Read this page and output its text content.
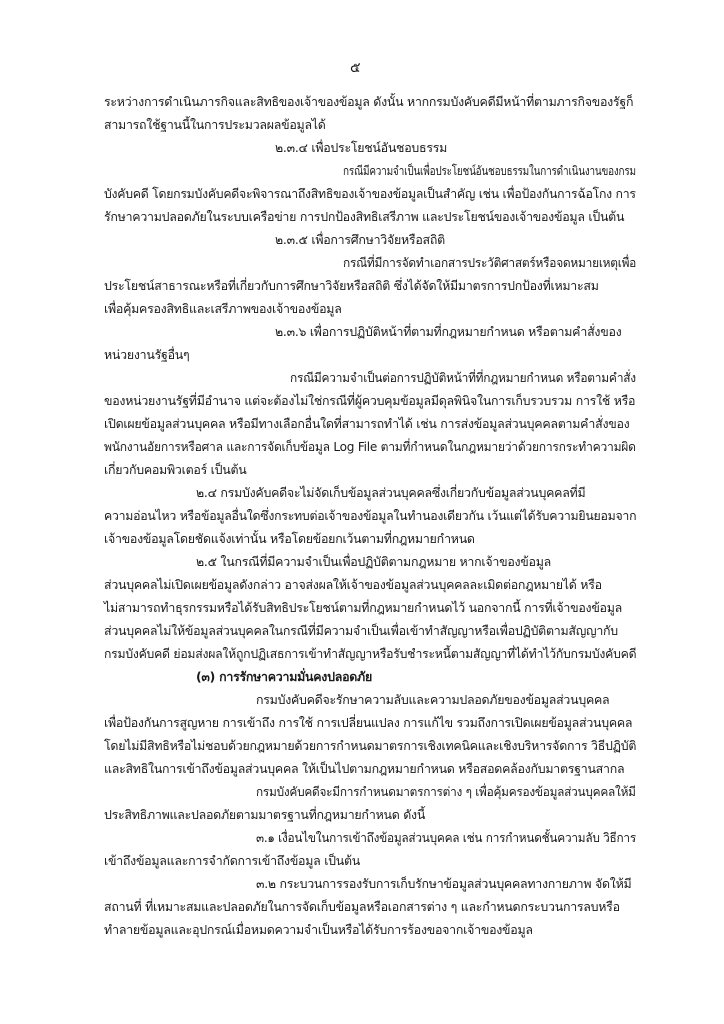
๕
ระหว่างการดำเนินภารกิจและสิทธิของเจ้าของข้อมูล ดังนั้น หากกรมบังคับคดีมีหน้าที่ตามภารกิจของรัฐก็
สามารถใช้ฐานนี้ในการประมวลผลข้อมูลได้
๒.๓.๔ เพื่อประโยชน์อันชอบธรรม
กรณีมีความจำเป็นเพื่อประโยชน์อันชอบธรรมในการดำเนินงานของกรม
บังคับคดี โดยกรมบังคับคดีจะพิจารณาถึงสิทธิของเจ้าของข้อมูลเป็นสำคัญ เช่น เพื่อป้องกันการฉ้อโกง การ
รักษาความปลอดภัยในระบบเครือข่าย การปกป้องสิทธิเสรีภาพ และประโยชน์ของเจ้าของข้อมูล เป็นต้น
๒.๓.๕ เพื่อการศึกษาวิจัยหรือสถิติ
กรณีที่มีการจัดทำเอกสารประวัติศาสตร์หรือจดหมายเหตุเพื่อ
ประโยชน์สาธารณะหรือที่เกี่ยวกับการศึกษาวิจัยหรือสถิติ ซึ่งได้จัดให้มีมาตรการปกป้องที่เหมาะสม
เพื่อคุ้มครองสิทธิและเสรีภาพของเจ้าของข้อมูล
๒.๓.๖ เพื่อการปฏิบัติหน้าที่ตามที่กฎหมายกำหนด หรือตามคำสั่งของ
หน่วยงานรัฐอื่นๆ
กรณีมีความจำเป็นต่อการปฏิบัติหน้าที่ที่กฎหมายกำหนด หรือตามคำสั่ง
ของหน่วยงานรัฐที่มีอำนาจ แต่จะต้องไม่ใช่กรณีที่ผู้ควบคุมข้อมูลมีดุลพินิจในการเก็บรวบรวม การใช้ หรือ
เปิดเผยข้อมูลส่วนบุคคล หรือมีทางเลือกอื่นใดที่สามารถทำได้ เช่น การส่งข้อมูลส่วนบุคคลตามคำสั่งของ
พนักงานอัยการหรือศาล และการจัดเก็บข้อมูล Log File ตามที่กำหนดในกฎหมายว่าด้วยการกระทำความผิด
เกี่ยวกับคอมพิวเตอร์ เป็นต้น
๒.๔ กรมบังคับคดีจะไม่จัดเก็บข้อมูลส่วนบุคคลซึ่งเกี่ยวกับข้อมูลส่วนบุคคลที่มี
ความอ่อนไหว หรือข้อมูลอื่นใดซึ่งกระทบต่อเจ้าของข้อมูลในทำนองเดียวกัน เว้นแต่ได้รับความยินยอมจาก
เจ้าของข้อมูลโดยชัดแจ้งเท่านั้น หรือโดยข้อยกเว้นตามที่กฎหมายกำหนด
๒.๕ ในกรณีที่มีความจำเป็นเพื่อปฏิบัติตามกฎหมาย หากเจ้าของข้อมูล
ส่วนบุคคลไม่เปิดเผยข้อมูลดังกล่าว อาจส่งผลให้เจ้าของข้อมูลส่วนบุคคลละเมิดต่อกฎหมายได้ หรือ
ไม่สามารถทำธุรกรรมหรือได้รับสิทธิประโยชน์ตามที่กฎหมายกำหนดไว้ นอกจากนี้ การที่เจ้าของข้อมูล
ส่วนบุคคลไม่ให้ข้อมูลส่วนบุคคลในกรณีที่มีความจำเป็นเพื่อเข้าทำสัญญาหรือเพื่อปฏิบัติตามสัญญากับ
กรมบังคับคดี ย่อมส่งผลให้ถูกปฏิเสธการเข้าทำสัญญาหรือรับชำระหนี้ตามสัญญาที่ได้ทำไว้กับกรมบังคับคดี
(๓) การรักษาความมั่นคงปลอดภัย
กรมบังคับคดีจะรักษาความลับและความปลอดภัยของข้อมูลส่วนบุคคล
เพื่อป้องกันการสูญหาย การเข้าถึง การใช้ การเปลี่ยนแปลง การแก้ไข รวมถึงการเปิดเผยข้อมูลส่วนบุคคล
โดยไม่มีสิทธิหรือไม่ชอบด้วยกฎหมายด้วยการกำหนดมาตรการเชิงเทคนิคและเชิงบริหารจัดการ วิธีปฏิบัติ
และสิทธิในการเข้าถึงข้อมูลส่วนบุคคล ให้เป็นไปตามกฎหมายกำหนด หรือสอดคล้องกับมาตรฐานสากล
กรมบังคับคดีจะมีการกำหนดมาตรการต่าง ๆ เพื่อคุ้มครองข้อมูลส่วนบุคคลให้มี
ประสิทธิภาพและปลอดภัยตามมาตรฐานที่กฎหมายกำหนด ดังนี้
๓.๑ เงื่อนไขในการเข้าถึงข้อมูลส่วนบุคคล เช่น การกำหนดชั้นความลับ วิธีการ
เข้าถึงข้อมูลและการจำกัดการเข้าถึงข้อมูล เป็นต้น
๓.๒ กระบวนการรองรับการเก็บรักษาข้อมูลส่วนบุคคลทางกายภาพ จัดให้มี
สถานที่ ที่เหมาะสมและปลอดภัยในการจัดเก็บข้อมูลหรือเอกสารต่าง ๆ และกำหนดกระบวนการลบหรือ
ทำลายข้อมูลและอุปกรณ์เมื่อหมดความจำเป็นหรือได้รับการร้องขอจากเจ้าของข้อมูล
